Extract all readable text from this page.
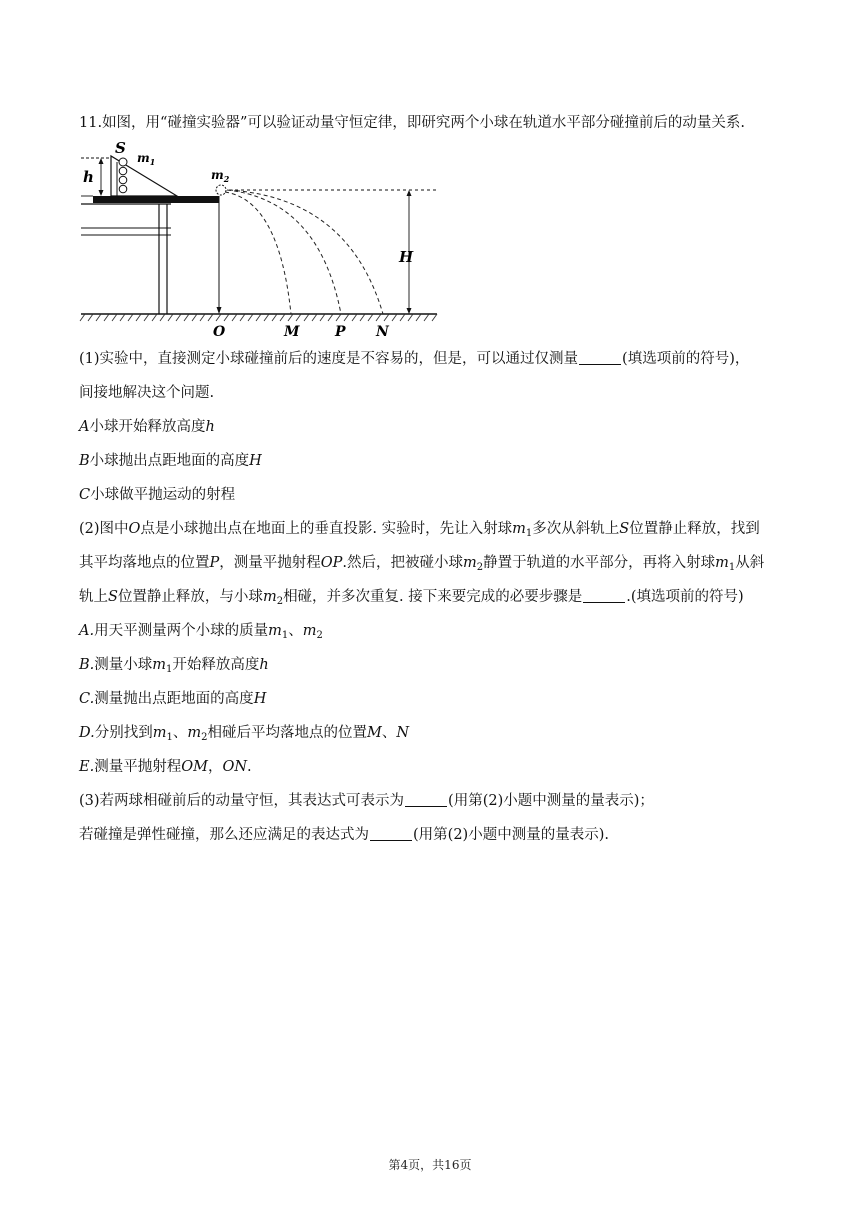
11.如图，用“碰撞实验器”可以验证动量守恒定律，即研究两个小球在轨道水平部分碰撞前后的动量关系.
S
$m_1$
$m_2$
h
H
O	M	P N
(1)实验中，直接测定小球碰撞前后的速度是不容易的，但是，可以通过仅测量	(填选项前的符号)，
间接地解决这个问题.
A小球开始释放高度h
B小球抛出点距地面的高度H
C小球做平抛运动的射程
(2)图中O点是小球抛出点在地面上的垂直投影. 实验时，先让入射球$m_1$多次从斜轨上S位置静止释放，找到
其平均落地点的位置P，测量平抛射程OP.然后，把被碰小球$m_2$静置于轨道的水平部分，再将入射球$m_1$从斜
轨上S位置静止释放，与小球$m_2$相碰，并多次重复. 接下来要完成的必要步骤是	.(填选项前的符号)
A.用天平测量两个小球的质量$m_1$、$m_2$
B.测量小球$m_1$开始释放高度h
C.测量抛出点距地面的高度H
D.分别找到$m_1$、$m_2$相碰后平均落地点的位置M、N
E.测量平抛射程OM，ON.
(3)若两球相碰前后的动量守恒，其表达式可表示为	(用第(2)小题中测量的量表示)；
若碰撞是弹性碰撞，那么还应满足的表达式为	(用第(2)小题中测量的量表示).
第4页，共16页
